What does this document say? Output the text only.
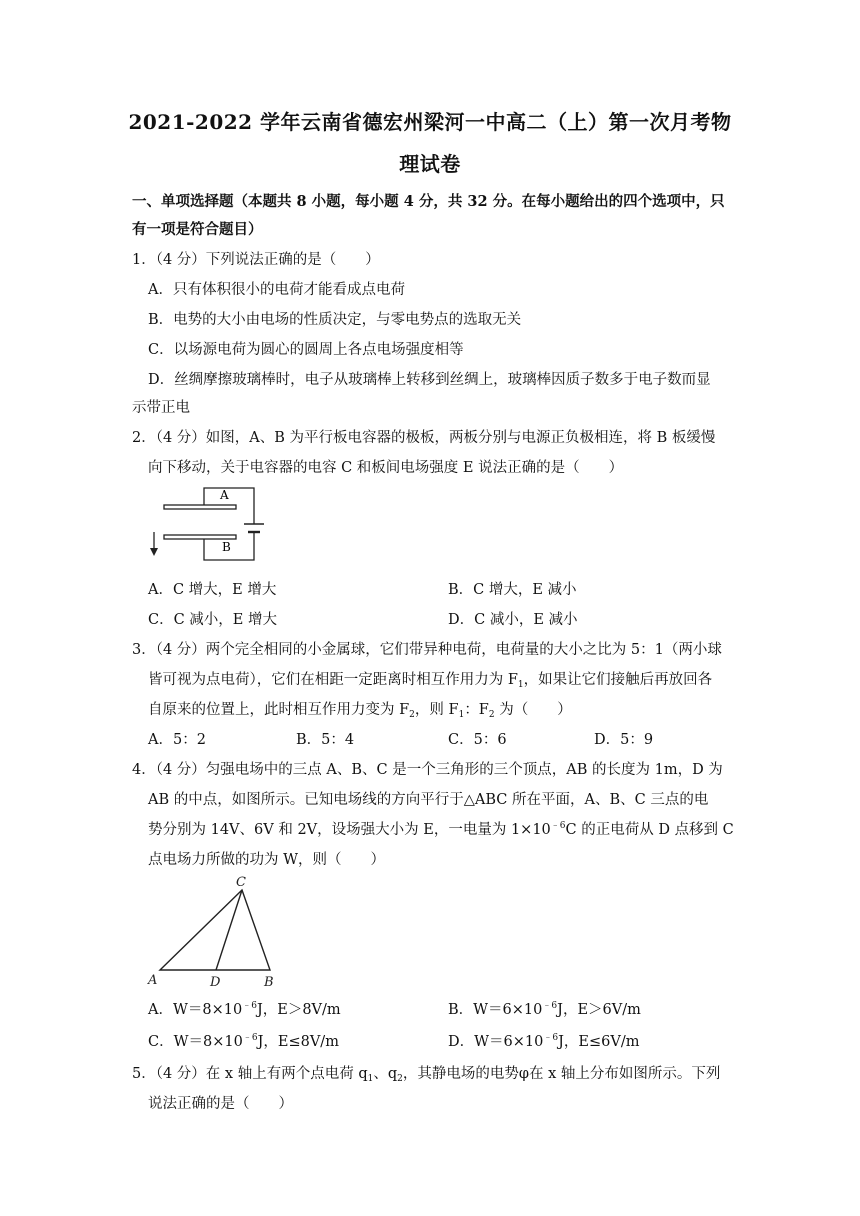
2021-2022 学年云南省德宏州梁河一中高二（上）第一次月考物
理试卷
一、单项选择题（本题共 8 小题，每小题 4 分，共 32 分。在每小题给出的四个选项中，只
有一项是符合题目）
1．（4 分）下列说法正确的是（　　）
A．只有体积很小的电荷才能看成点电荷
B．电势的大小由电场的性质决定，与零电势点的选取无关
C．以场源电荷为圆心的圆周上各点电场强度相等
D．丝绸摩擦玻璃棒时，电子从玻璃棒上转移到丝绸上，玻璃棒因质子数多于电子数而显
示带正电
2．（4 分）如图，A、B 为平行板电容器的极板，两板分别与电源正负极相连，将 B 板缓慢
向下移动，关于电容器的电容 C 和板间电场强度 E 说法正确的是（　　）
A
B
A．C 增大，E 增大	B．C 增大，E 减小
C．C 减小，E 增大	D．C 减小，E 减小
3．（4 分）两个完全相同的小金属球，它们带异种电荷，电荷量的大小之比为 5：1（两小球
皆可视为点电荷），它们在相距一定距离时相互作用力为 $F_1$，如果让它们接触后再放回各
自原来的位置上，此时相互作用力变为 $F_2$，则 $F_1$：$F_2$ 为（　　）
A．5：2	B．5：4	C．5：6	D．5：9
4．（4 分）匀强电场中的三点 A、B、C 是一个三角形的三个顶点，AB 的长度为 1m，D 为
AB 的中点，如图所示。已知电场线的方向平行于△ABC 所在平面，A、B、C 三点的电
势分别为 14V、6V 和 2V，设场强大小为 E，一电量为 $1\times 10^{﹣6}C$ 的正电荷从 D 点移到 C
点电场力所做的功为 W，则（　　）
C
A	D	B
A．$W=8\times 10^{﹣6}J$，E＞8V/m	B．$W=6\times 10^{﹣6}J$，E＞6V/m
C．$W=8\times 10^{﹣6}J$，E≤8V/m	D．$W=6\times 10^{﹣6}J$，E≤6V/m
5．（4 分）在 x 轴上有两个点电荷 $q_1$、$q_2$，其静电场的电势φ在 x 轴上分布如图所示。下列
说法正确的是（　　）
